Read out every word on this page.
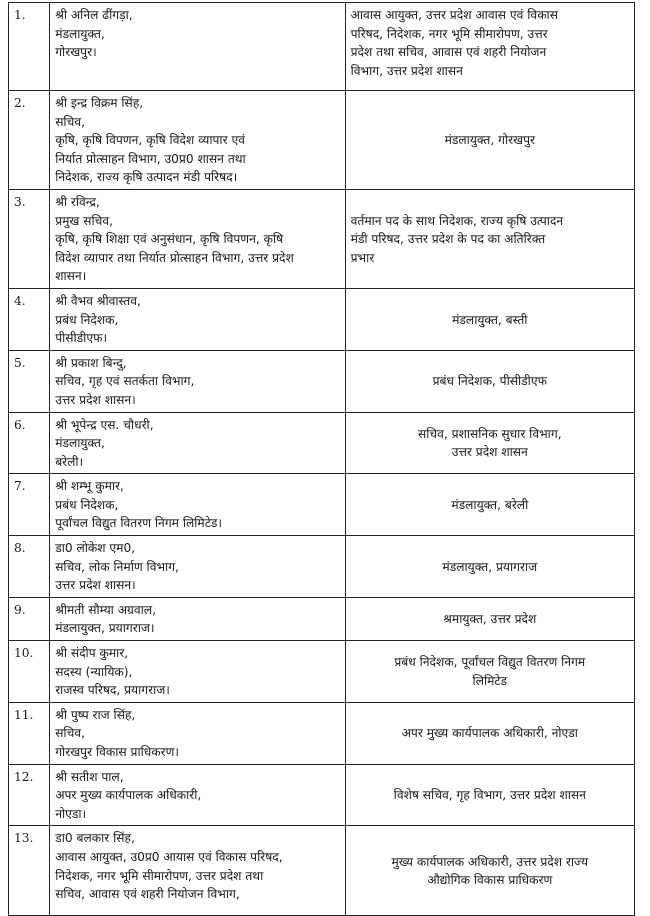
1.	श्री अनिल ढींगड़ा,
मंडलायुक्त,
गोरखपुर।	आवास आयुक्त, उत्तर प्रदेश आवास एवं विकास
परिषद, निदेशक, नगर भूमि सीमारोपण, उत्तर
प्रदेश तथा सचिव, आवास एवं शहरी नियोजन
विभाग, उत्तर प्रदेश शासन

2.	श्री इन्द्र विक्रम सिंह,
सचिव,
कृषि, कृषि विपणन, कृषि विदेश व्यापार एवं
निर्यात प्रोत्साहन विभाग, उ0प्र0 शासन तथा
निदेशक, राज्य कृषि उत्पादन मंडी परिषद।	मंडलायुक्त, गोरखपुर

3.	श्री रविन्द्र,
प्रमुख सचिव,
कृषि, कृषि शिक्षा एवं अनुसंधान, कृषि विपणन, कृषि
विदेश व्यापार तथा निर्यात प्रोत्साहन विभाग, उत्तर प्रदेश
शासन।	वर्तमान पद के साथ निदेशक, राज्य कृषि उत्पादन
मंडी परिषद, उत्तर प्रदेश के पद का अतिरिक्त
प्रभार

4.	श्री वैभव श्रीवास्तव,
प्रबंध निदेशक,
पीसीडीएफ।	मंडलायुक्त, बस्ती

5.	श्री प्रकाश बिन्दु,
सचिव, गृह एवं सतर्कता विभाग,
उत्तर प्रदेश शासन।	प्रबंध निदेशक, पीसीडीएफ

6.	श्री भूपेन्द्र एस. चौधरी,
मंडलायुक्त,
बरेली।	सचिव, प्रशासनिक सुधार विभाग,
उत्तर प्रदेश शासन

7.	श्री शम्भू कुमार,
प्रबंध निदेशक,
पूर्वांचल विद्युत वितरण निगम लिमिटेड।	मंडलायुक्त, बरेली

8.	डा0 लोकेश एम0,
सचिव, लोक निर्माण विभाग,
उत्तर प्रदेश शासन।	मंडलायुक्त, प्रयागराज

9.	श्रीमती सौम्या अग्रवाल,
मंडलायुक्त, प्रयागराज।	श्रमायुक्त, उत्तर प्रदेश

10.	श्री संदीप कुमार,
सदस्य (न्यायिक),
राजस्व परिषद, प्रयागराज।	प्रबंध निदेशक, पूर्वांचल विद्युत वितरण निगम
लिमिटेड

11.	श्री पुष्प राज सिंह,
सचिव,
गोरखपुर विकास प्राधिकरण।	अपर मुख्य कार्यपालक अधिकारी, नोएडा

12.	श्री सतीश पाल,
अपर मुख्य कार्यपालक अधिकारी,
नोएडा।	विशेष सचिव, गृह विभाग, उत्तर प्रदेश शासन

13.	डा0 बलकार सिंह,
आवास आयुक्त, उ0प्र0 आयास एवं विकास परिषद,
निदेशक, नगर भूमि सीमारोपण, उत्तर प्रदेश तथा
सचिव, आवास एवं शहरी नियोजन विभाग,	मुख्य कार्यपालक अधिकारी, उत्तर प्रदेश राज्य
औद्योगिक विकास प्राधिकरण
